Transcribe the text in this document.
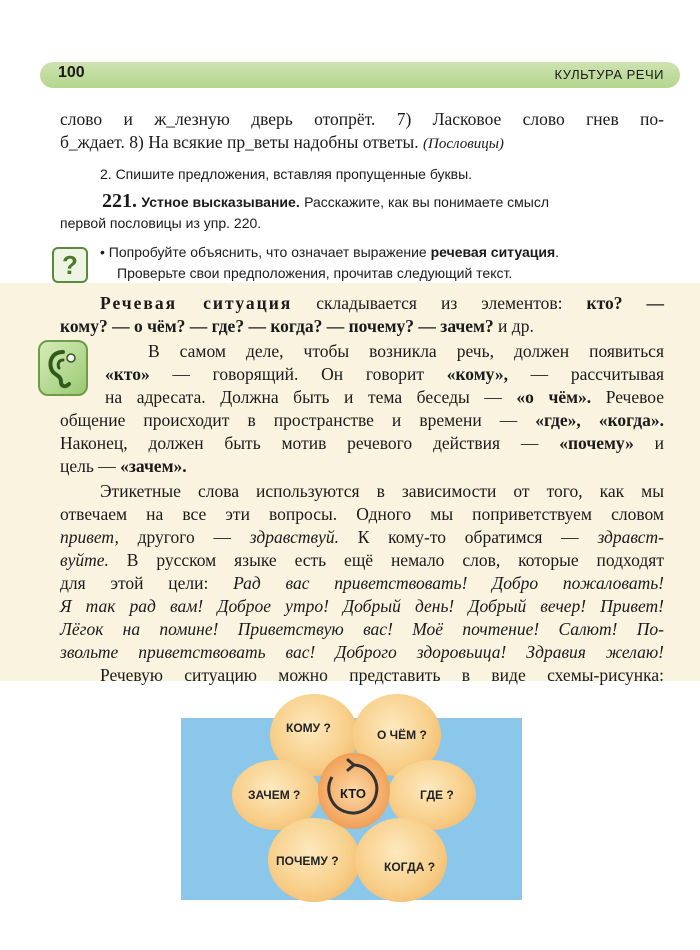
100	КУЛЬТУРА РЕЧИ
слово и ж_лезную дверь отопрёт. 7) Ласковое слово гнев по-
б_ждает. 8) На всякие пр_веты надобны ответы. (Пословицы)
2. Спишите предложения, вставляя пропущенные буквы.
221. Устное высказывание. Расскажите, как вы понимаете смысл
первой пословицы из упр. 220.
?	• Попробуйте объяснить, что означает выражение речевая ситуация.
Проверьте свои предположения, прочитав следующий текст.
Речевая ситуация складывается из элементов: кто? —
кому? — о чём? — где? — когда? — почему? — зачем? и др.
В самом деле, чтобы возникла речь, должен появиться
«кто» — говорящий. Он говорит «кому», — рассчитывая
на адресата. Должна быть и тема беседы — «о чём». Речевое
общение происходит в пространстве и времени — «где», «когда».
Наконец, должен быть мотив речевого действия — «почему» и
цель — «зачем».
Этикетные слова используются в зависимости от того, как мы
отвечаем на все эти вопросы. Одного мы поприветствуем словом
привет, другого — здравствуй. К кому-то обратимся — здравст-
вуйте. В русском языке есть ещё немало слов, которые подходят
для этой цели: Рад вас приветствовать! Добро пожаловать!
Я так рад вам! Доброе утро! Добрый день! Добрый вечер! Привет!
Лёгок на помине! Приветствую вас! Моё почтение! Салют! По-
звольте приветствовать вас! Доброго здоровьица! Здравия желаю!
Речевую ситуацию можно представить в виде схемы-рисунка:
КТО
КОМУ ?	О ЧЁМ ?
ЗАЧЕМ ?	ГДЕ ?
ПОЧЕМУ ?	КОГДА ?
